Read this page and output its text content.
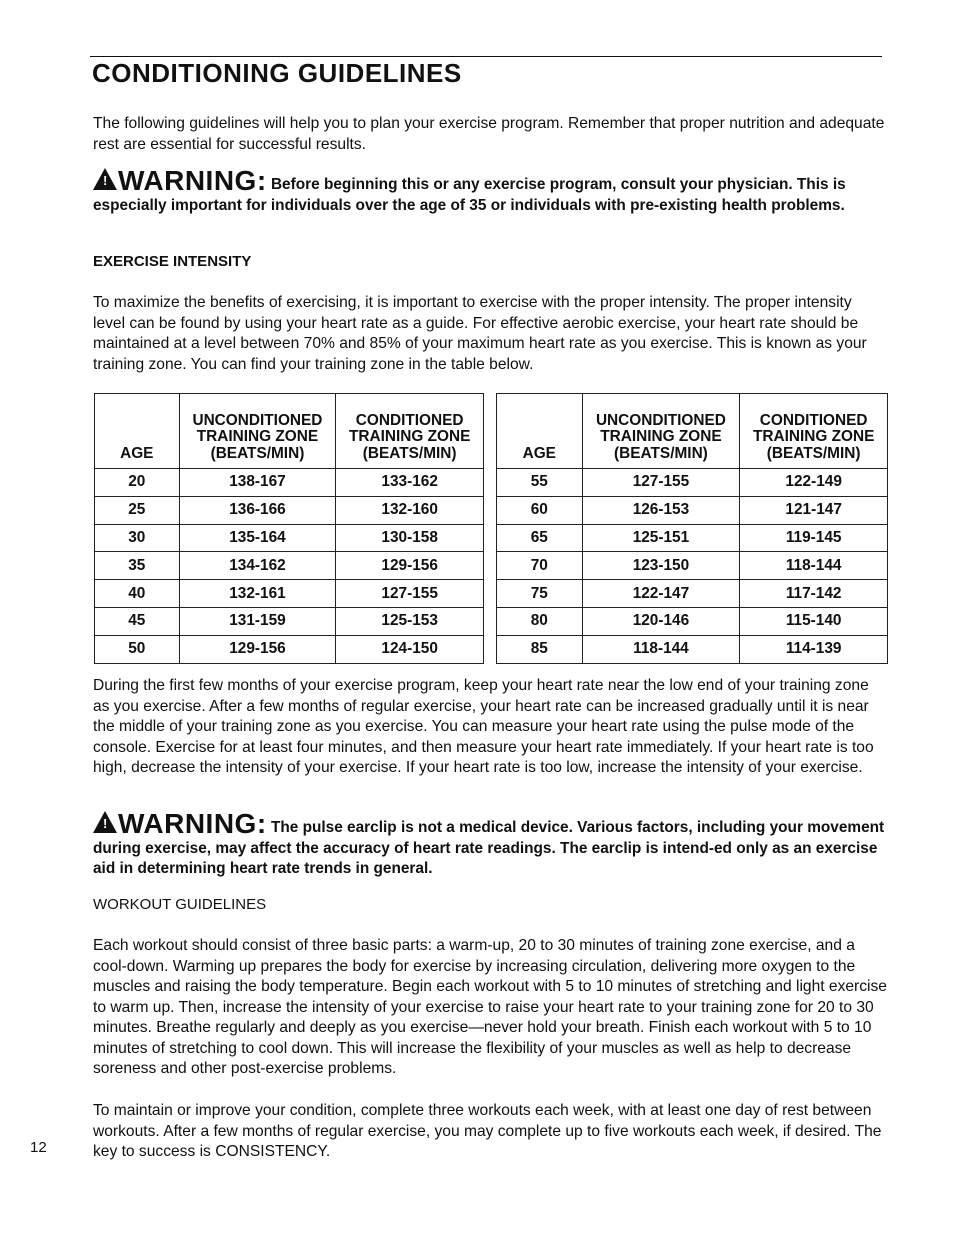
CONDITIONING GUIDELINES

The following guidelines will help you to plan your exercise program. Remember that proper nutrition and adequate rest are essential for successful results.

! WARNING: Before beginning this or any exercise program, consult your physician. This is especially important for individuals over the age of 35 or individuals with pre-existing health problems.

EXERCISE INTENSITY

To maximize the benefits of exercising, it is important to exercise with the proper intensity. The proper intensity level can be found by using your heart rate as a guide. For effective aerobic exercise, your heart rate should be maintained at a level between 70% and 85% of your maximum heart rate as you exercise. This is known as your training zone. You can find your training zone in the table below.

AGE	UNCONDITIONED
TRAINING ZONE
(BEATS/MIN)	CONDITIONED
TRAINING ZONE
(BEATS/MIN)
20	138-167	133-162
25	136-166	132-160
30	135-164	130-158
35	134-162	129-156
40	132-161	127-155
45	131-159	125-153
50	129-156	124-150
AGE	UNCONDITIONED
TRAINING ZONE
(BEATS/MIN)	CONDITIONED
TRAINING ZONE
(BEATS/MIN)
55	127-155	122-149
60	126-153	121-147
65	125-151	119-145
70	123-150	118-144
75	122-147	117-142
80	120-146	115-140
85	118-144	114-139

During the first few months of your exercise program, keep your heart rate near the low end of your training zone as you exercise. After a few months of regular exercise, your heart rate can be increased gradually until it is near the middle of your training zone as you exercise. You can measure your heart rate using the pulse mode of the console. Exercise for at least four minutes, and then measure your heart rate immediately. If your heart rate is too high, decrease the intensity of your exercise. If your heart rate is too low, increase the intensity of your exercise.

! WARNING: The pulse earclip is not a medical device. Various factors, including your movement during exercise, may affect the accuracy of heart rate readings. The earclip is intend-ed only as an exercise aid in determining heart rate trends in general.

WORKOUT GUIDELINES

Each workout should consist of three basic parts: a warm-up, 20 to 30 minutes of training zone exercise, and a cool-down. Warming up prepares the body for exercise by increasing circulation, delivering more oxygen to the muscles and raising the body temperature. Begin each workout with 5 to 10 minutes of stretching and light exercise to warm up. Then, increase the intensity of your exercise to raise your heart rate to your training zone for 20 to 30 minutes. Breathe regularly and deeply as you exercise—never hold your breath. Finish each workout with 5 to 10 minutes of stretching to cool down. This will increase the flexibility of your muscles as well as help to decrease soreness and other post-exercise problems.

To maintain or improve your condition, complete three workouts each week, with at least one day of rest between workouts. After a few months of regular exercise, you may complete up to five workouts each week, if desired. The key to success is CONSISTENCY.

12
